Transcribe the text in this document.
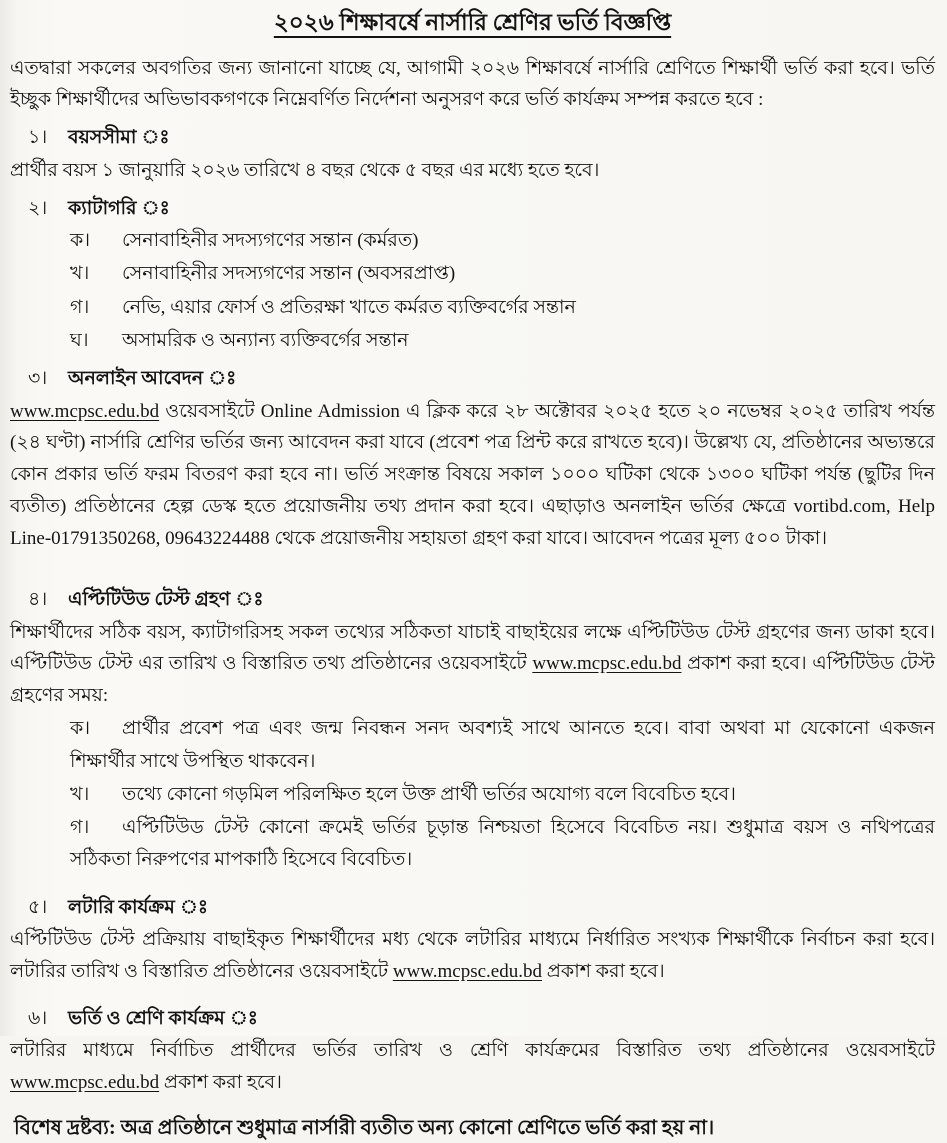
২০২৬ শিক্ষাবর্ষে নার্সারি শ্রেণির ভর্তি বিজ্ঞপ্তি

এতদ্বারা সকলের অবগতির জন্য জানানো যাচ্ছে যে, আগামী ২০২৬ শিক্ষাবর্ষে নার্সারি শ্রেণিতে শিক্ষার্থী ভর্তি করা হবে। ভর্তি ইচ্ছুক শিক্ষার্থীদের অভিভাবকগণকে নিম্নেবর্ণিত নির্দেশনা অনুসরণ করে ভর্তি কার্যক্রম সম্পন্ন করতে হবে :

১।	বয়সসীমা ঃ

প্রার্থীর বয়স ১ জানুয়ারি ২০২৬ তারিখে ৪ বছর থেকে ৫ বছর এর মধ্যে হতে হবে।

২।	ক্যাটাগরি ঃ

ক। সেনাবাহিনীর সদস্যগণের সন্তান (কর্মরত)

খ। সেনাবাহিনীর সদস্যগণের সন্তান (অবসরপ্রাপ্ত)

গ। নেভি, এয়ার ফোর্স ও প্রতিরক্ষা খাতে কর্মরত ব্যক্তিবর্গের সন্তান

ঘ। অসামরিক ও অন্যান্য ব্যক্তিবর্গের সন্তান

৩।	অনলাইন আবেদন ঃ

www.mcpsc.edu.bd ওয়েবসাইটে Online Admission এ ক্লিক করে ২৮ অক্টোবর ২০২৫ হতে ২০ নভেম্বর ২০২৫ তারিখ পর্যন্ত (২৪ ঘণ্টা) নার্সারি শ্রেণির ভর্তির জন্য আবেদন করা যাবে (প্রবেশ পত্র প্রিন্ট করে রাখতে হবে)। উল্লেখ্য যে, প্রতিষ্ঠানের অভ্যন্তরে কোন প্রকার ভর্তি ফরম বিতরণ করা হবে না। ভর্তি সংক্রান্ত বিষয়ে সকাল ১০০০ ঘটিকা থেকে ১৩০০ ঘটিকা পর্যন্ত (ছুটির দিন ব্যতীত) প্রতিষ্ঠানের হেল্প ডেস্ক হতে প্রয়োজনীয় তথ্য প্রদান করা হবে। এছাড়াও অনলাইন ভর্তির ক্ষেত্রে vortibd.com, Help Line-01791350268, 09643224488 থেকে প্রয়োজনীয় সহায়তা গ্রহণ করা যাবে। আবেদন পত্রের মূল্য ৫০০ টাকা।

৪।	এপ্টিটিউড টেস্ট গ্রহণ ঃ

শিক্ষার্থীদের সঠিক বয়স, ক্যাটাগরিসহ সকল তথ্যের সঠিকতা যাচাই বাছাইয়ের লক্ষে এপ্টিটিউড টেস্ট গ্রহণের জন্য ডাকা হবে। এপ্টিটিউড টেস্ট এর তারিখ ও বিস্তারিত তথ্য প্রতিষ্ঠানের ওয়েবসাইটে www.mcpsc.edu.bd প্রকাশ করা হবে। এপ্টিটিউড টেস্ট গ্রহণের সময়:

ক। প্রার্থীর প্রবেশ পত্র এবং জন্ম নিবন্ধন সনদ অবশ্যই সাথে আনতে হবে। বাবা অথবা মা যেকোনো একজন শিক্ষার্থীর সাথে উপস্থিত থাকবেন।

খ। তথ্যে কোনো গড়মিল পরিলক্ষিত হলে উক্ত প্রার্থী ভর্তির অযোগ্য বলে বিবেচিত হবে।

গ। এপ্টিটিউড টেস্ট কোনো ক্রমেই ভর্তির চূড়ান্ত নিশ্চয়তা হিসেবে বিবেচিত নয়। শুধুমাত্র বয়স ও নথিপত্রের সঠিকতা নিরুপণের মাপকাঠি হিসেবে বিবেচিত।

৫।	লটারি কার্যক্রম ঃ

এপ্টিটিউড টেস্ট প্রক্রিয়ায় বাছাইকৃত শিক্ষার্থীদের মধ্য থেকে লটারির মাধ্যমে নির্ধারিত সংখ্যক শিক্ষার্থীকে নির্বাচন করা হবে। লটারির তারিখ ও বিস্তারিত প্রতিষ্ঠানের ওয়েবসাইটে www.mcpsc.edu.bd প্রকাশ করা হবে।

৬।	ভর্তি ও শ্রেণি কার্যক্রম ঃ

লটারির মাধ্যমে নির্বাচিত প্রার্থীদের ভর্তির তারিখ ও শ্রেণি কার্যক্রমের বিস্তারিত তথ্য প্রতিষ্ঠানের ওয়েবসাইটে www.mcpsc.edu.bd প্রকাশ করা হবে।

বিশেষ দ্রষ্টব্য: অত্র প্রতিষ্ঠানে শুধুমাত্র নার্সারী ব্যতীত অন্য কোনো শ্রেণিতে ভর্তি করা হয় না।
